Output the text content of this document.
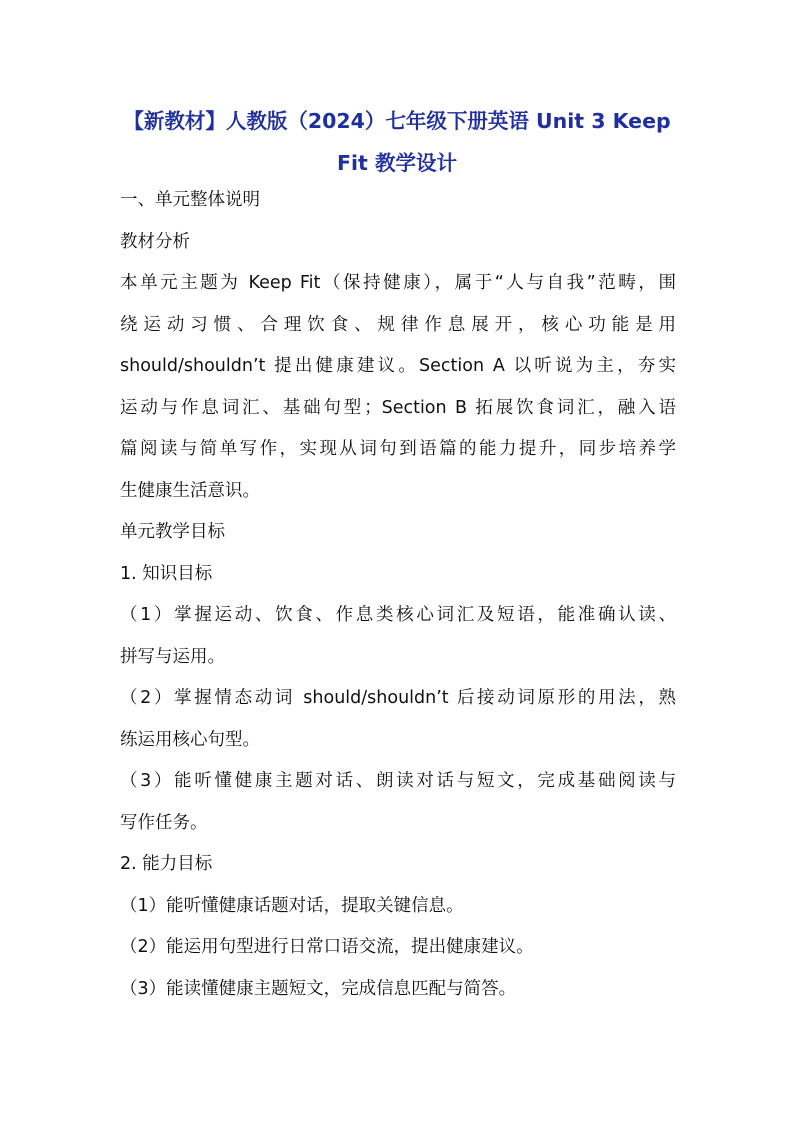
【新教材】人教版（2024）七年级下册英语 Unit 3 Keep
Fit 教学设计
一、单元整体说明
教材分析
本单元主题为 Keep Fit（保持健康），属于“人与自我”范畴，围
绕运动习惯、合理饮食、规律作息展开，核心功能是用
should/shouldn’t 提出健康建议。Section A 以听说为主，夯实
运动与作息词汇、基础句型；Section B 拓展饮食词汇，融入语
篇阅读与简单写作，实现从词句到语篇的能力提升，同步培养学
生健康生活意识。
单元教学目标
1. 知识目标
（1）掌握运动、饮食、作息类核心词汇及短语，能准确认读、
拼写与运用。
（2）掌握情态动词 should/shouldn’t 后接动词原形的用法，熟
练运用核心句型。
（3）能听懂健康主题对话、朗读对话与短文，完成基础阅读与
写作任务。
2. 能力目标
（1）能听懂健康话题对话，提取关键信息。
（2）能运用句型进行日常口语交流，提出健康建议。
（3）能读懂健康主题短文，完成信息匹配与简答。
